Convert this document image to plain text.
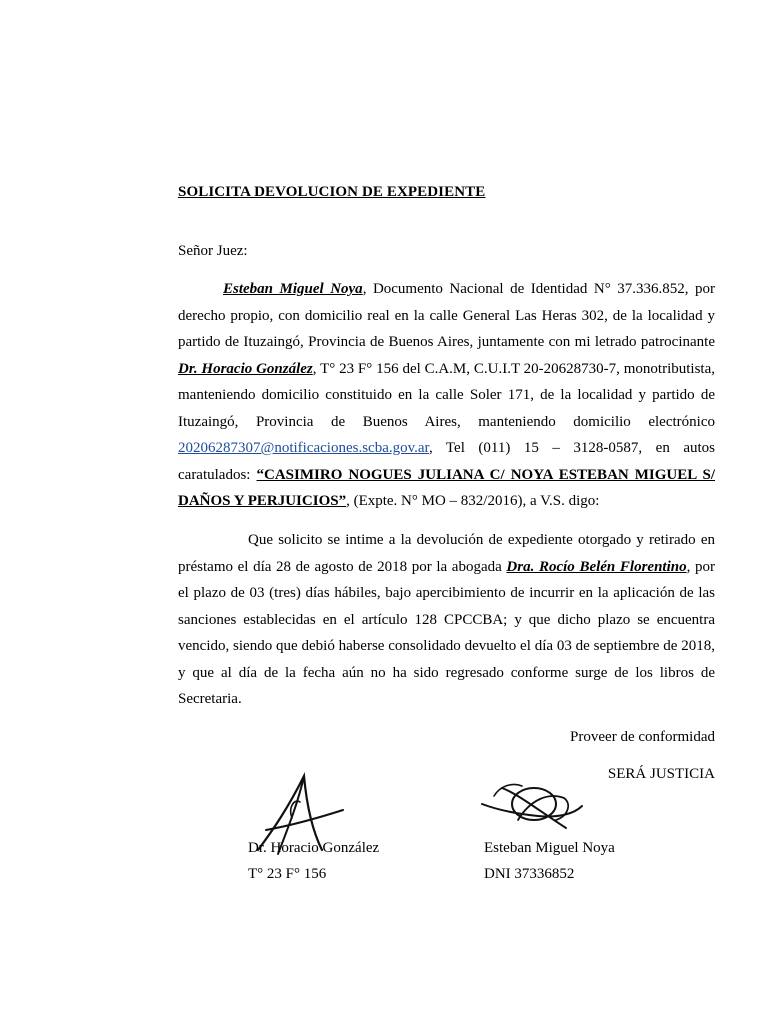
SOLICITA DEVOLUCION DE EXPEDIENTE
Señor Juez:
Esteban Miguel Noya, Documento Nacional de Identidad N° 37.336.852, por derecho propio, con domicilio real en la calle General Las Heras 302, de la localidad y partido de Ituzaingó, Provincia de Buenos Aires, juntamente con mi letrado patrocinante Dr. Horacio González, T° 23 F° 156 del C.A.M, C.U.I.T 20-20628730-7, monotributista, manteniendo domicilio constituido en la calle Soler 171, de la localidad y partido de Ituzaingó, Provincia de Buenos Aires, manteniendo domicilio electrónico 20206287307@notificaciones.scba.gov.ar, Tel (011) 15 – 3128-0587, en autos caratulados: “CASIMIRO NOGUES JULIANA C/ NOYA ESTEBAN MIGUEL S/ DAÑOS Y PERJUICIOS”, (Expte. N° MO – 832/2016), a V.S. digo:
Que solicito se intime a la devolución de expediente otorgado y retirado en préstamo el día 28 de agosto de 2018 por la abogada Dra. Rocío Belén Florentino, por el plazo de 03 (tres) días hábiles, bajo apercibimiento de incurrir en la aplicación de las sanciones establecidas en el artículo 128 CPCCBA; y que dicho plazo se encuentra vencido, siendo que debió haberse consolidado devuelto el día 03 de septiembre de 2018, y que al día de la fecha aún no ha sido regresado conforme surge de los libros de Secretaria.
Proveer de conformidad
SERÁ JUSTICIA
Dr. Horacio González
T° 23 F° 156
Esteban Miguel Noya
DNI 37336852
